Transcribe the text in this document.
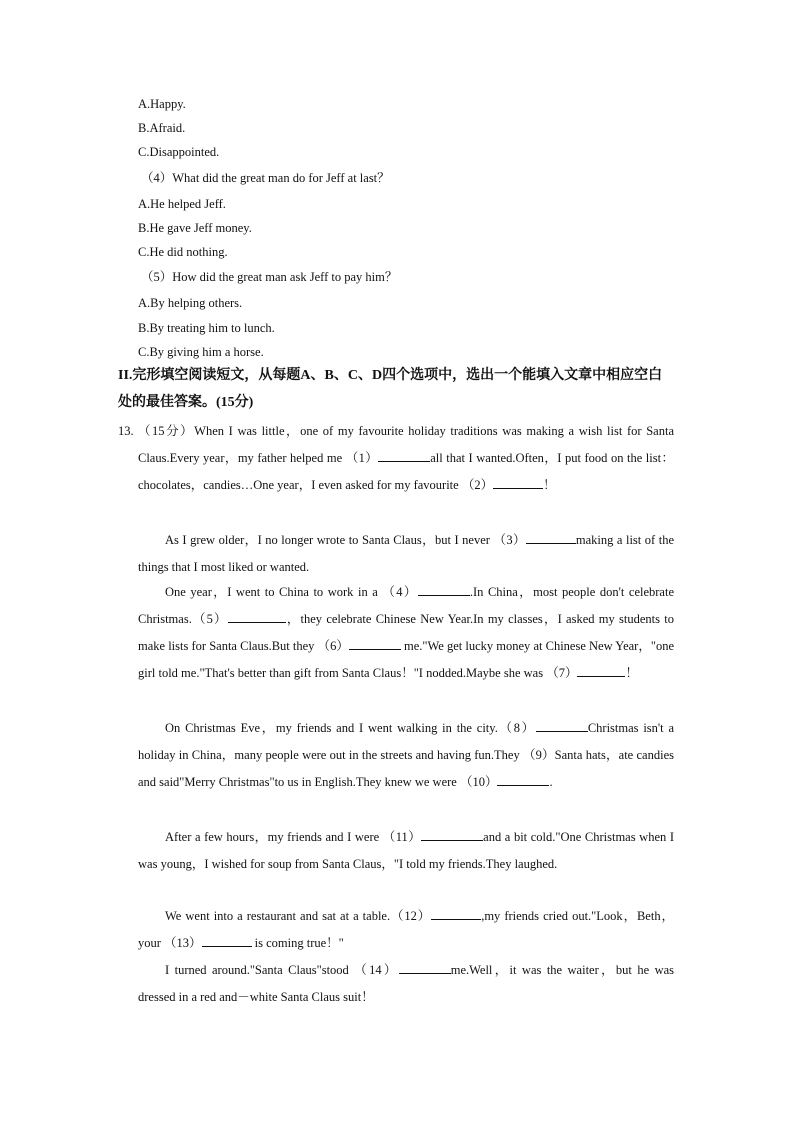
A.Happy.
B.Afraid.
C.Disappointed.
（4）What did the great man do for Jeff at last？
A.He helped Jeff.
B.He gave Jeff money.
C.He did nothing.
（5）How did the great man ask Jeff to pay him？
A.By helping others.
B.By treating him to lunch.
C.By giving him a horse.
II.完形填空阅读短文，从每题A、B、C、D四个选项中，选出一个能填入文章中相应空白
处的最佳答案。(15分)
13. （15分）When I was little，one of my favourite holiday traditions was making a wish list for Santa Claus.Every year，my father helped me （1）	all that I wanted.Often，I put food on the list：chocolates，candies…One year，I even asked for my favourite （2）	！
As I grew older，I no longer wrote to Santa Claus，but I never （3）	making a list of the things that I most liked or wanted.
One year，I went to China to work in a （4）	.In China，most people don't celebrate Christmas.（5）	，they celebrate Chinese New Year.In my classes，I asked my students to make lists for Santa Claus.But they （6）	me."We get lucky money at Chinese New Year，"one girl told me."That's better than gift from Santa Claus！"I nodded.Maybe she was （7）	！
On Christmas Eve，my friends and I went walking in the city.（8）	Christmas isn't a holiday in China，many people were out in the streets and having fun.They （9）Santa hats，ate candies and said"Merry Christmas"to us in English.They knew we were （10）	.
After a few hours，my friends and I were （11）	and a bit cold."One Christmas when I was young，I wished for soup from Santa Claus，"I told my friends.They laughed.
We went into a restaurant and sat at a table.（12）	,my friends cried out."Look，Beth，your （13）	is coming true！"
I turned around."Santa Claus"stood （14）	me.Well，it was the waiter，but he was dressed in a red and－white Santa Claus suit！
